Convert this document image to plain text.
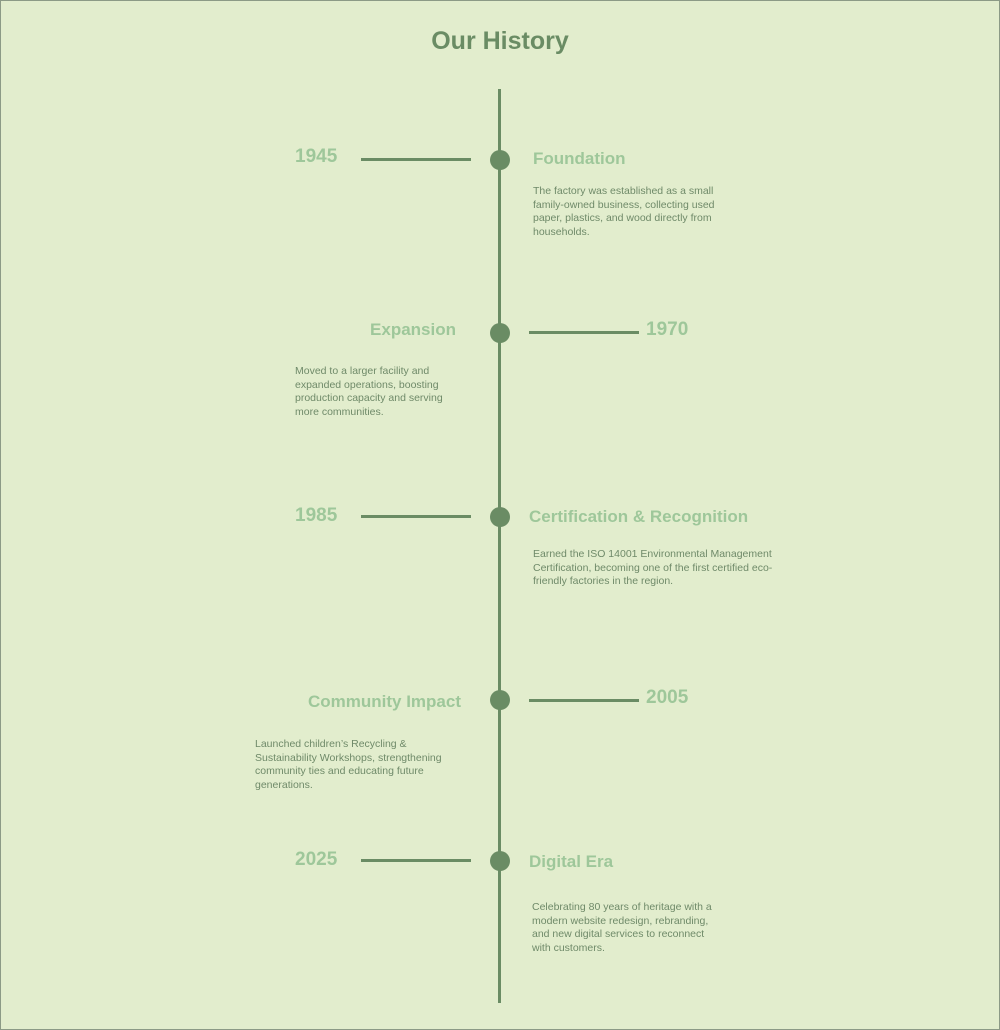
Our History
1945	Foundation
The factory was established as a small family-owned business, collecting used paper, plastics, and wood directly from households.
Expansion	1970
Moved to a larger facility and expanded operations, boosting production capacity and serving more communities.
1985	Certification & Recognition
Earned the ISO 14001 Environmental Management Certification, becoming one of the first certified eco-friendly factories in the region.
Community Impact	2005
Launched children’s Recycling & Sustainability Workshops, strengthening community ties and educating future generations.
2025	Digital Era
Celebrating 80 years of heritage with a modern website redesign, rebranding, and new digital services to reconnect with customers.
